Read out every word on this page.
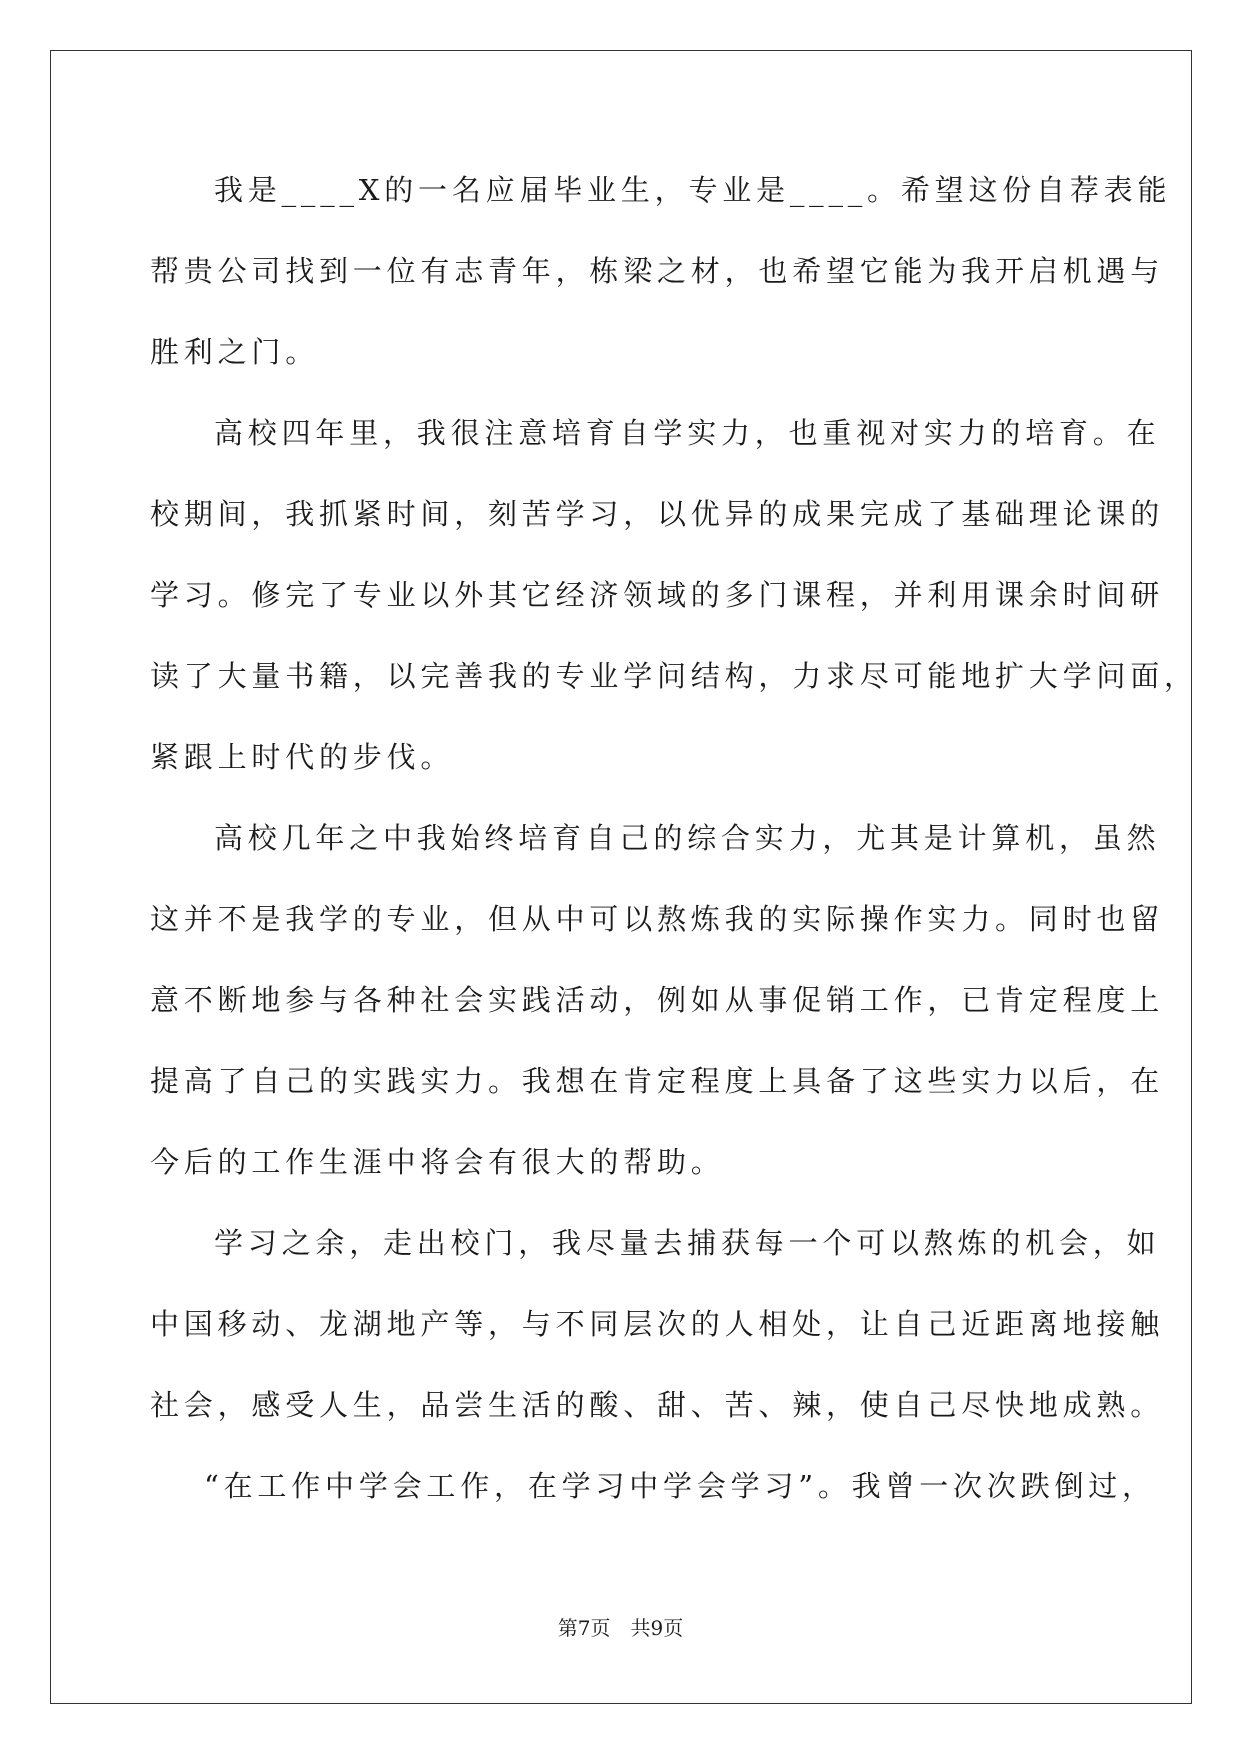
我是____X的一名应届毕业生，专业是____。希望这份自荐表能
帮贵公司找到一位有志青年，栋梁之材，也希望它能为我开启机遇与
胜利之门。
高校四年里，我很注意培育自学实力，也重视对实力的培育。在
校期间，我抓紧时间，刻苦学习，以优异的成果完成了基础理论课的
学习。修完了专业以外其它经济领域的多门课程，并利用课余时间研
读了大量书籍，以完善我的专业学问结构，力求尽可能地扩大学问面，
紧跟上时代的步伐。
高校几年之中我始终培育自己的综合实力，尤其是计算机，虽然
这并不是我学的专业，但从中可以熬炼我的实际操作实力。同时也留
意不断地参与各种社会实践活动，例如从事促销工作，已肯定程度上
提高了自己的实践实力。我想在肯定程度上具备了这些实力以后，在
今后的工作生涯中将会有很大的帮助。
学习之余，走出校门，我尽量去捕获每一个可以熬炼的机会，如
中国移动、龙湖地产等，与不同层次的人相处，让自己近距离地接触
社会，感受人生，品尝生活的酸、甜、苦、辣，使自己尽快地成熟。
“在工作中学会工作，在学习中学会学习”。我曾一次次跌倒过，
第7页　共9页
